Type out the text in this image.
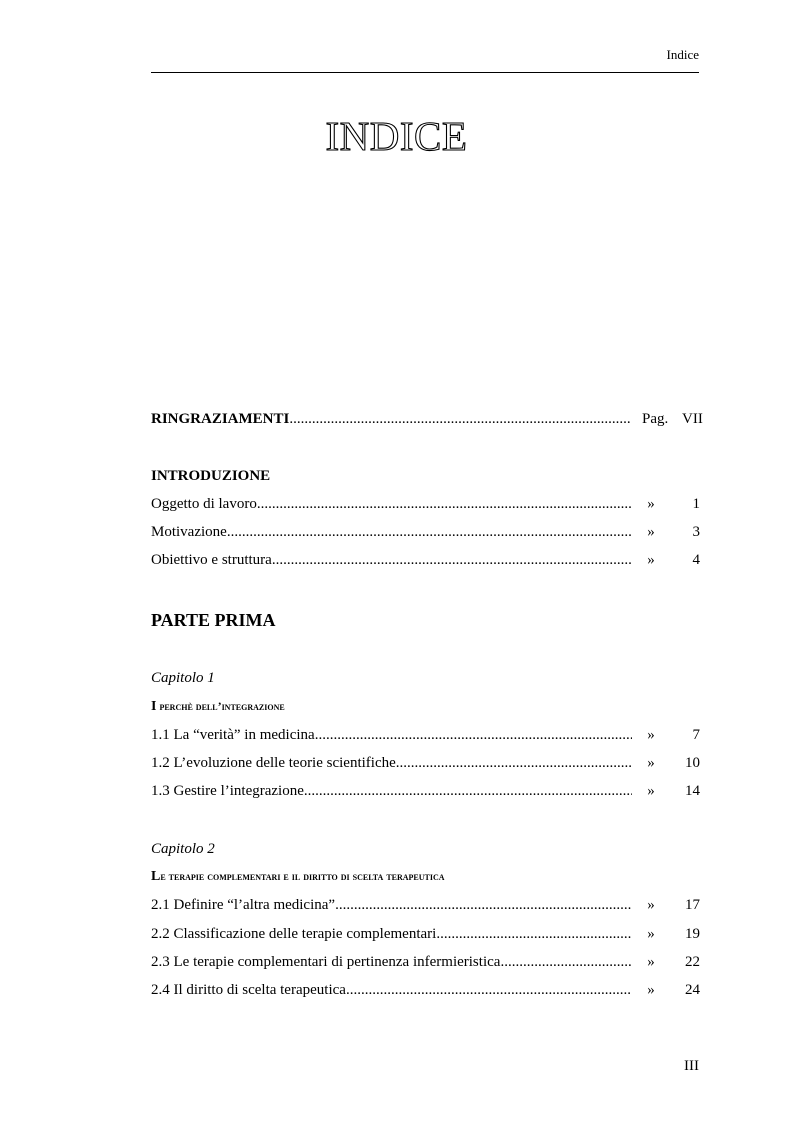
Indice
INDICE
RINGRAZIAMENTI .....	Pag. VII
INTRODUZIONE
Oggetto di lavoro .....	»	1
Motivazione .....	»	3
Obiettivo e struttura .....	»	4
PARTE PRIMA
Capitolo 1
I perchè dell’integrazione
1.1 La “verità” in medicina .....	»	7
1.2 L’evoluzione delle teorie scientifiche .....	»	10
1.3 Gestire l’integrazione .....	»	14
Capitolo 2
Le terapie complementari e il diritto di scelta terapeutica
2.1 Definire “l’altra medicina” .....	»	17
2.2 Classificazione delle terapie complementari .....	»	19
2.3 Le terapie complementari di pertinenza infermieristica .....	»	22
2.4 Il diritto di scelta terapeutica .....	»	24
III
